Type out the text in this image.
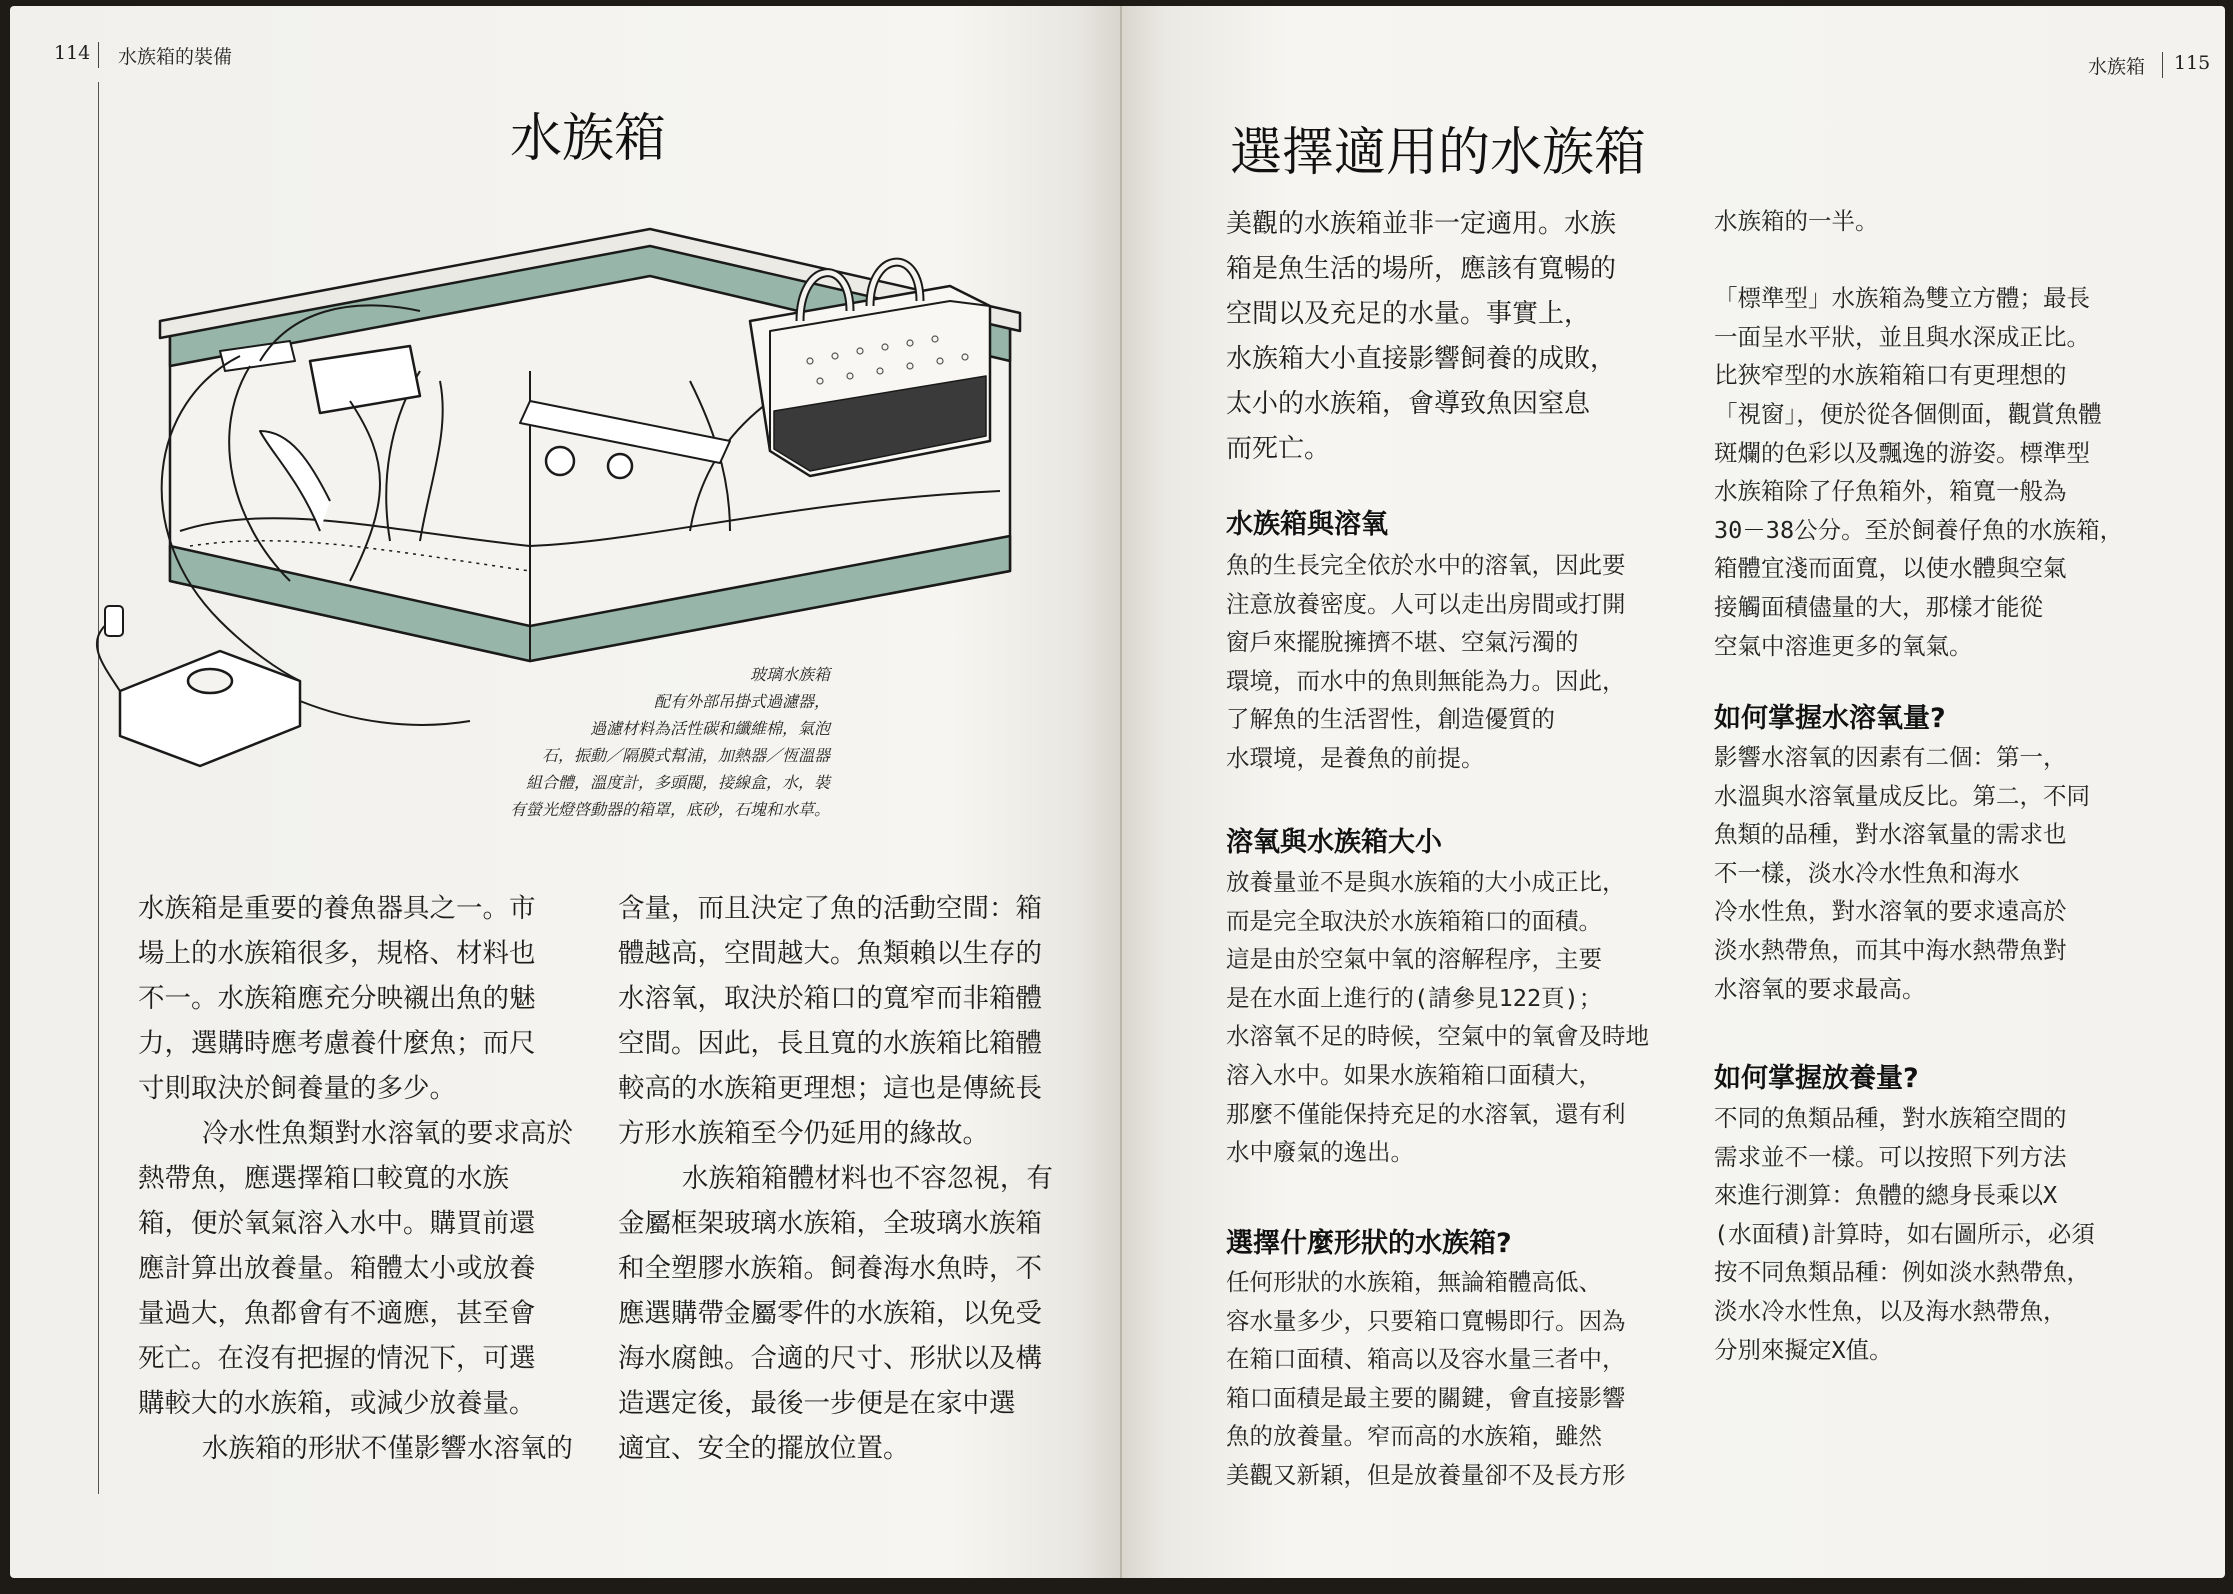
114 水族箱的裝備
水族箱
玻璃水族箱
配有外部吊掛式過濾器，
過濾材料為活性碳和纖維棉，氣泡
石，振動／隔膜式幫浦，加熱器／恆溫器
組合體，溫度計，多頭閥，接線盒，水，裝
有螢光燈啓動器的箱罩，底砂，石塊和水草。
水族箱是重要的養魚器具之一。市
場上的水族箱很多，規格、材料也
不一。水族箱應充分映襯出魚的魅
力，選購時應考慮養什麼魚；而尺
寸則取決於飼養量的多少。
冷水性魚類對水溶氧的要求高於
熱帶魚，應選擇箱口較寬的水族
箱，便於氧氣溶入水中。購買前還
應計算出放養量。箱體太小或放養
量過大，魚都會有不適應，甚至會
死亡。在沒有把握的情況下，可選
購較大的水族箱，或減少放養量。
水族箱的形狀不僅影響水溶氧的
含量，而且決定了魚的活動空間：箱
體越高，空間越大。魚類賴以生存的
水溶氧，取決於箱口的寬窄而非箱體
空間。因此，長且寬的水族箱比箱體
較高的水族箱更理想；這也是傳統長
方形水族箱至今仍延用的緣故。
水族箱箱體材料也不容忽視，有
金屬框架玻璃水族箱，全玻璃水族箱
和全塑膠水族箱。飼養海水魚時，不
應選購帶金屬零件的水族箱，以免受
海水腐蝕。合適的尺寸、形狀以及構
造選定後，最後一步便是在家中選
適宜、安全的擺放位置。
水族箱 115
選擇適用的水族箱
美觀的水族箱並非一定適用。水族
箱是魚生活的場所，應該有寬暢的
空間以及充足的水量。事實上，
水族箱大小直接影響飼養的成敗，
太小的水族箱，會導致魚因窒息
而死亡。
水族箱與溶氧
魚的生長完全依於水中的溶氧，因此要
注意放養密度。人可以走出房間或打開
窗戶來擺脫擁擠不堪、空氣污濁的
環境，而水中的魚則無能為力。因此，
了解魚的生活習性，創造優質的
水環境，是養魚的前提。
溶氧與水族箱大小
放養量並不是與水族箱的大小成正比，
而是完全取決於水族箱箱口的面積。
這是由於空氣中氧的溶解程序，主要
是在水面上進行的(請參見122頁)；
水溶氧不足的時候，空氣中的氧會及時地
溶入水中。如果水族箱箱口面積大，
那麼不僅能保持充足的水溶氧，還有利
水中廢氣的逸出。
選擇什麼形狀的水族箱?
任何形狀的水族箱，無論箱體高低、
容水量多少，只要箱口寬暢即行。因為
在箱口面積、箱高以及容水量三者中，
箱口面積是最主要的關鍵，會直接影響
魚的放養量。窄而高的水族箱，雖然
美觀又新穎，但是放養量卻不及長方形
水族箱的一半。

「標準型」水族箱為雙立方體；最長
一面呈水平狀，並且與水深成正比。
比狹窄型的水族箱箱口有更理想的
「視窗」，便於從各個側面，觀賞魚體
斑爛的色彩以及飄逸的游姿。標準型
水族箱除了仔魚箱外，箱寬一般為
30－38公分。至於飼養仔魚的水族箱，
箱體宜淺而面寬，以使水體與空氣
接觸面積儘量的大，那樣才能從
空氣中溶進更多的氧氣。
如何掌握水溶氧量?
影響水溶氧的因素有二個：第一，
水溫與水溶氧量成反比。第二，不同
魚類的品種，對水溶氧量的需求也
不一樣，淡水冷水性魚和海水
冷水性魚，對水溶氧的要求遠高於
淡水熱帶魚，而其中海水熱帶魚對
水溶氧的要求最高。
如何掌握放養量?
不同的魚類品種，對水族箱空間的
需求並不一樣。可以按照下列方法
來進行測算：魚體的總身長乘以X
(水面積)計算時，如右圖所示，必須
按不同魚類品種：例如淡水熱帶魚，
淡水冷水性魚，以及海水熱帶魚，
分別來擬定X值。
